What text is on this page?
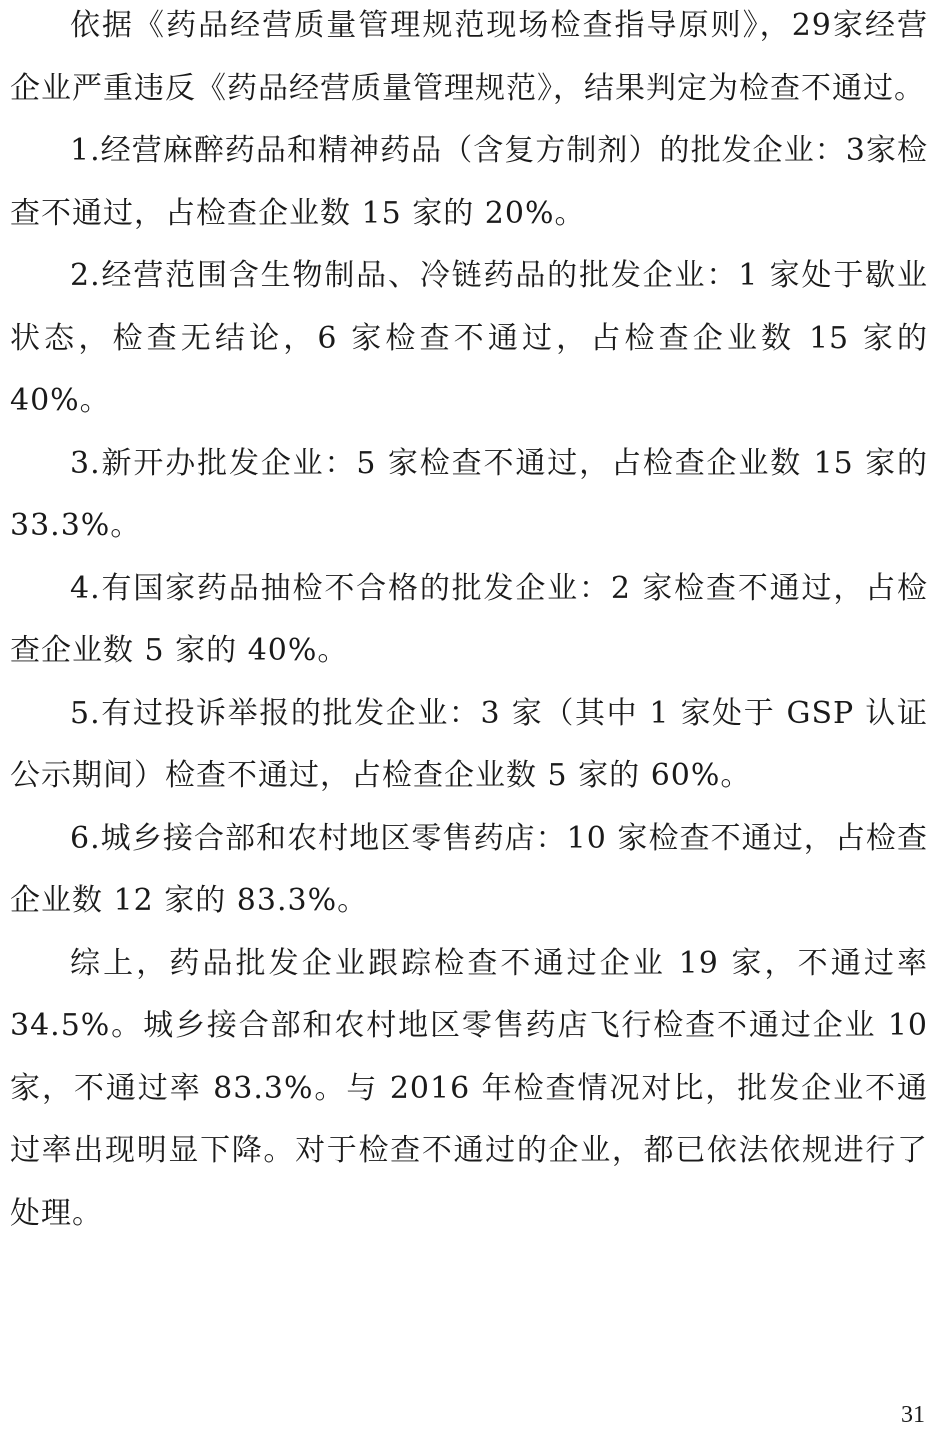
依据《药品经营质量管理规范现场检查指导原则》，29家经营企业严重违反《药品经营质量管理规范》，结果判定为检查不通过。

1.经营麻醉药品和精神药品（含复方制剂）的批发企业：3家检查不通过，占检查企业数 15 家的 20%。

2.经营范围含生物制品、冷链药品的批发企业：1 家处于歇业状态，检查无结论，6 家检查不通过，占检查企业数 15 家的 40%。

3.新开办批发企业：5 家检查不通过，占检查企业数 15 家的 33.3%。

4.有国家药品抽检不合格的批发企业：2 家检查不通过，占检查企业数 5 家的 40%。

5.有过投诉举报的批发企业：3 家（其中 1 家处于 GSP 认证公示期间）检查不通过，占检查企业数 5 家的 60%。

6.城乡接合部和农村地区零售药店：10 家检查不通过，占检查企业数 12 家的 83.3%。

综上，药品批发企业跟踪检查不通过企业 19 家，不通过率 34.5%。城乡接合部和农村地区零售药店飞行检查不通过企业 10 家，不通过率 83.3%。与 2016 年检查情况对比，批发企业不通过率出现明显下降。对于检查不通过的企业，都已依法依规进行了处理。

31
